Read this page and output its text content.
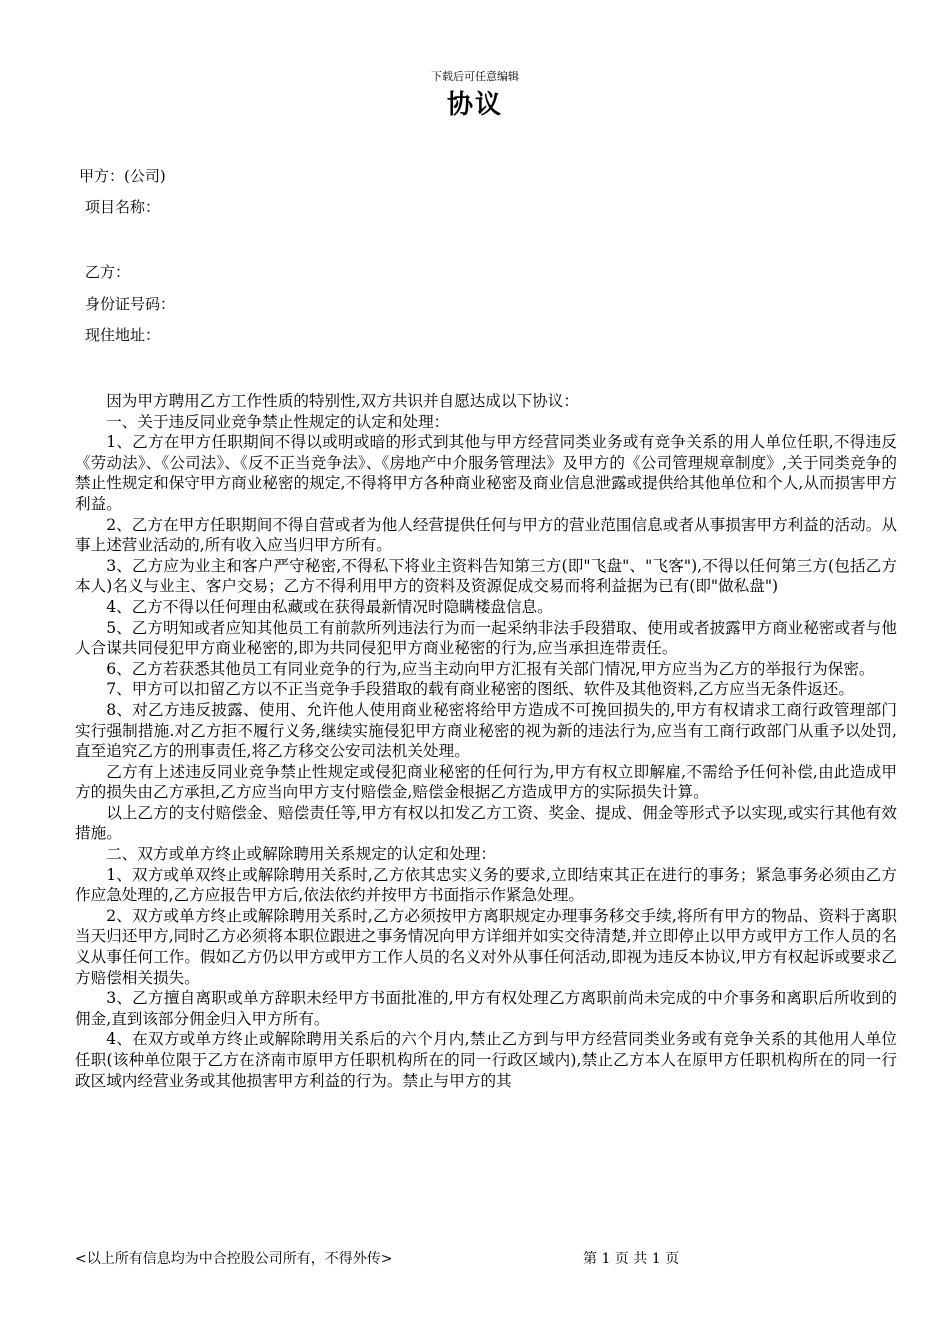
下载后可任意编辑
协议
甲方：(公司)
项目名称：
乙方：
身份证号码：
现住地址：

因为甲方聘用乙方工作性质的特别性,双方共识并自愿达成以下协议：

一、关于违反同业竞争禁止性规定的认定和处理：

1、乙方在甲方任职期间不得以或明或暗的形式到其他与甲方经营同类业务或有竞争关系的用人单位任职,不得违反《劳动法》、《公司法》、《反不正当竞争法》、《房地产中介服务管理法》及甲方的《公司管理规章制度》,关于同类竞争的禁止性规定和保守甲方商业秘密的规定,不得将甲方各种商业秘密及商业信息泄露或提供给其他单位和个人,从而损害甲方利益。

2、乙方在甲方任职期间不得自营或者为他人经营提供任何与甲方的营业范围信息或者从事损害甲方利益的活动。从事上述营业活动的,所有收入应当归甲方所有。

3、乙方应为业主和客户严守秘密,不得私下将业主资料告知第三方(即"飞盘"、"飞客"),不得以任何第三方(包括乙方本人)名义与业主、客户交易；乙方不得利用甲方的资料及资源促成交易而将利益据为已有(即"做私盘")

4、乙方不得以任何理由私藏或在获得最新情况时隐瞒楼盘信息。

5、乙方明知或者应知其他员工有前款所列违法行为而一起采纳非法手段猎取、使用或者披露甲方商业秘密或者与他人合谋共同侵犯甲方商业秘密的,即为共同侵犯甲方商业秘密的行为,应当承担连带责任。

6、乙方若获悉其他员工有同业竞争的行为,应当主动向甲方汇报有关部门情况,甲方应当为乙方的举报行为保密。

7、甲方可以扣留乙方以不正当竞争手段猎取的载有商业秘密的图纸、软件及其他资料,乙方应当无条件返还。

8、对乙方违反披露、使用、允许他人使用商业秘密将给甲方造成不可挽回损失的,甲方有权请求工商行政管理部门实行强制措施.对乙方拒不履行义务,继续实施侵犯甲方商业秘密的视为新的违法行为,应当有工商行政部门从重予以处罚,直至追究乙方的刑事责任,将乙方移交公安司法机关处理。

乙方有上述违反同业竞争禁止性规定或侵犯商业秘密的任何行为,甲方有权立即解雇,不需给予任何补偿,由此造成甲方的损失由乙方承担,乙方应当向甲方支付赔偿金,赔偿金根据乙方造成甲方的实际损失计算。

以上乙方的支付赔偿金、赔偿责任等,甲方有权以扣发乙方工资、奖金、提成、佣金等形式予以实现,或实行其他有效措施。

二、双方或单方终止或解除聘用关系规定的认定和处理：

1、双方或单双终止或解除聘用关系时,乙方依其忠实义务的要求,立即结束其正在进行的事务；紧急事务必须由乙方作应急处理的,乙方应报告甲方后,依法依约并按甲方书面指示作紧急处理。

2、双方或单方终止或解除聘用关系时,乙方必须按甲方离职规定办理事务移交手续,将所有甲方的物品、资料于离职当天归还甲方,同时乙方必须将本职位跟进之事务情况向甲方详细并如实交待清楚,并立即停止以甲方或甲方工作人员的名义从事任何工作。假如乙方仍以甲方或甲方工作人员的名义对外从事任何活动,即视为违反本协议,甲方有权起诉或要求乙方赔偿相关损失。

3、乙方擅自离职或单方辞职未经甲方书面批准的,甲方有权处理乙方离职前尚未完成的中介事务和离职后所收到的佣金,直到该部分佣金归入甲方所有。

4、在双方或单方终止或解除聘用关系后的六个月内,禁止乙方到与甲方经营同类业务或有竞争关系的其他用人单位任职(该种单位限于乙方在济南市原甲方任职机构所在的同一行政区域内),禁止乙方本人在原甲方任职机构所在的同一行政区域内经营业务或其他损害甲方利益的行为。禁止与甲方的其

<以上所有信息均为中合控股公司所有，不得外传>	第 1 页 共 1 页
